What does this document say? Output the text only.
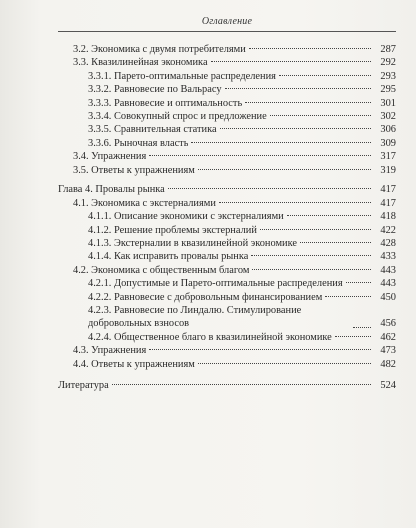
Оглавление
3.2. Экономика с двумя потребителями	287
3.3. Квазилинейная экономика	292
3.3.1. Парето-оптимальные распределения	293
3.3.2. Равновесие по Вальрасу	295
3.3.3. Равновесие и оптимальность	301
3.3.4. Совокупный спрос и предложение	302
3.3.5. Сравнительная статика	306
3.3.6. Рыночная власть	309
3.4. Упражнения	317
3.5. Ответы к упражнениям	319
Глава 4. Провалы рынка	417
4.1. Экономика с экстерналиями	417
4.1.1. Описание экономики с экстерналиями	418
4.1.2. Решение проблемы экстерналий	422
4.1.3. Экстерналии в квазилинейной экономике	428
4.1.4. Как исправить провалы рынка	433
4.2. Экономика с общественным благом	443
4.2.1. Допустимые и Парето-оптимальные распределения	443
4.2.2. Равновесие с добровольным финансированием	450
4.2.3. Равновесие по Линдалю. Стимулирование добровольных взносов	456
4.2.4. Общественное благо в квазилинейной экономике	462
4.3. Упражнения	473
4.4. Ответы к упражнениям	482
Литература	524
